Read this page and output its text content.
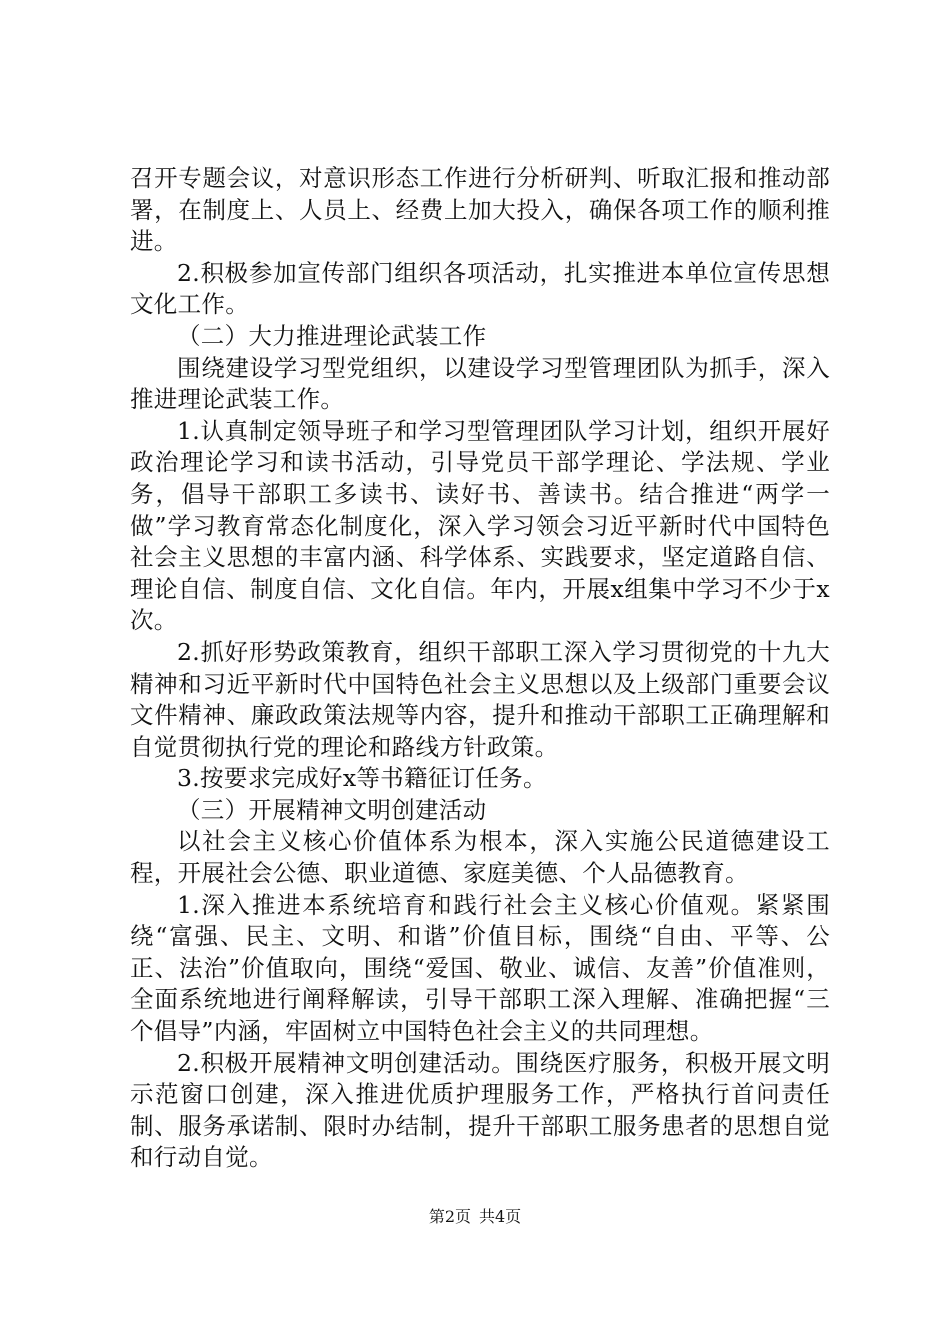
召开专题会议，对意识形态工作进行分析研判、听取汇报和推动部署，在制度上、人员上、经费上加大投入，确保各项工作的顺利推进。

2.积极参加宣传部门组织各项活动，扎实推进本单位宣传思想文化工作。

（二）大力推进理论武装工作

围绕建设学习型党组织，以建设学习型管理团队为抓手，深入推进理论武装工作。

1.认真制定领导班子和学习型管理团队学习计划，组织开展好政治理论学习和读书活动，引导党员干部学理论、学法规、学业务，倡导干部职工多读书、读好书、善读书。结合推进“两学一做”学习教育常态化制度化，深入学习领会习近平新时代中国特色社会主义思想的丰富内涵、科学体系、实践要求，坚定道路自信、理论自信、制度自信、文化自信。年内，开展x组集中学习不少于x次。

2.抓好形势政策教育，组织干部职工深入学习贯彻党的十九大精神和习近平新时代中国特色社会主义思想以及上级部门重要会议文件精神、廉政政策法规等内容，提升和推动干部职工正确理解和自觉贯彻执行党的理论和路线方针政策。

3.按要求完成好x等书籍征订任务。

（三）开展精神文明创建活动

以社会主义核心价值体系为根本，深入实施公民道德建设工程，开展社会公德、职业道德、家庭美德、个人品德教育。

1.深入推进本系统培育和践行社会主义核心价值观。紧紧围绕“富强、民主、文明、和谐”价值目标，围绕“自由、平等、公正、法治”价值取向，围绕“爱国、敬业、诚信、友善”价值准则，全面系统地进行阐释解读，引导干部职工深入理解、准确把握“三个倡导”内涵，牢固树立中国特色社会主义的共同理想。

2.积极开展精神文明创建活动。围绕医疗服务，积极开展文明示范窗口创建，深入推进优质护理服务工作，严格执行首问责任制、服务承诺制、限时办结制，提升干部职工服务患者的思想自觉和行动自觉。

第2页 共4页
